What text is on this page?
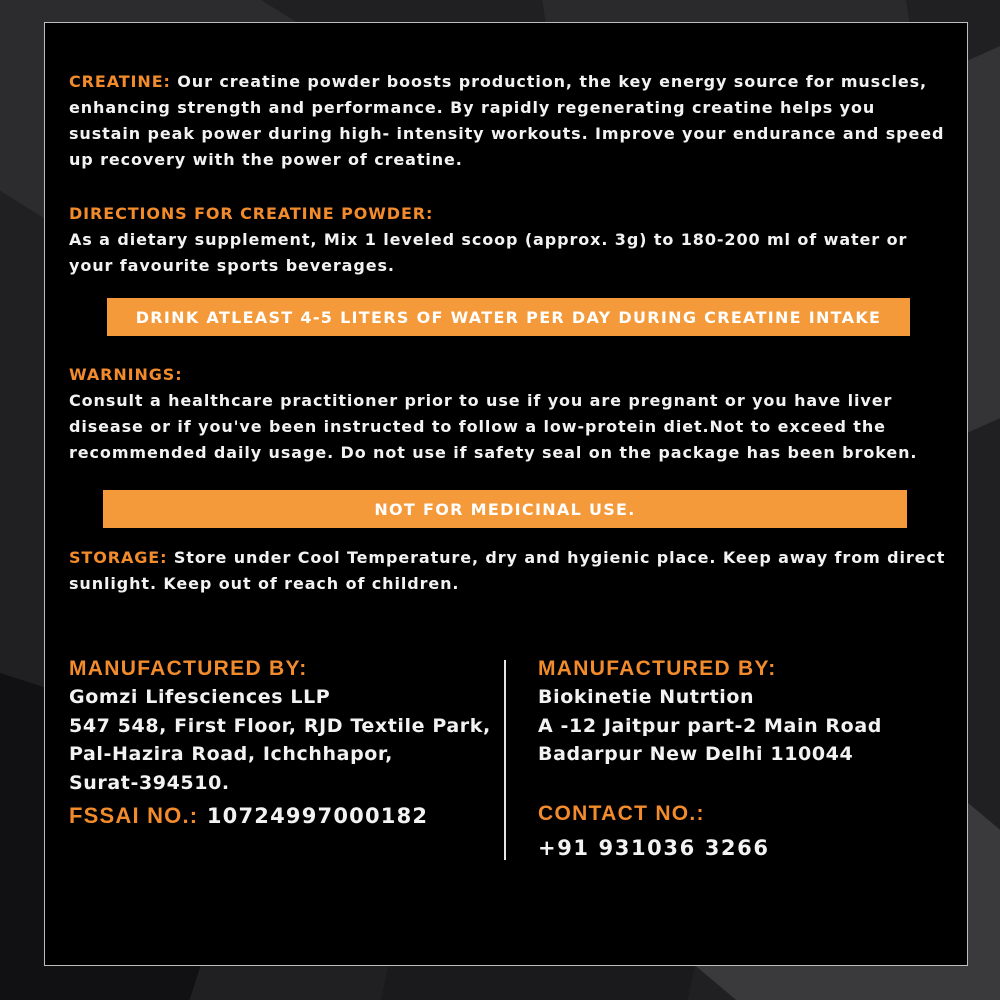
CREATINE: Our creatine powder boosts production, the key energy source for muscles, enhancing strength and performance. By rapidly regenerating creatine helps you sustain peak power during high- intensity workouts. Improve your endurance and speed up recovery with the power of creatine.

DIRECTIONS FOR CREATINE POWDER:
As a dietary supplement, Mix 1 leveled scoop (approx. 3g) to 180-200 ml of water or your favourite sports beverages.
DRINK ATLEAST 4-5 LITERS OF WATER PER DAY DURING CREATINE INTAKE
WARNINGS:
Consult a healthcare practitioner prior to use if you are pregnant or you have liver disease or if you've been instructed to follow a low-protein diet.Not to exceed the recommended daily usage. Do not use if safety seal on the package has been broken.
NOT FOR MEDICINAL USE.

STORAGE: Store under Cool Temperature, dry and hygienic place. Keep away from direct sunlight. Keep out of reach of children.

MANUFACTURED BY:
Gomzi Lifesciences LLP
547 548, First Floor, RJD Textile Park,
Pal-Hazira Road, Ichchhapor,
Surat-394510.
FSSAI NO.: 10724997000182
MANUFACTURED BY:
Biokinetie Nutrtion
A -12 Jaitpur part-2 Main Road
Badarpur New Delhi 110044
CONTACT NO.:
+91 931036 3266
